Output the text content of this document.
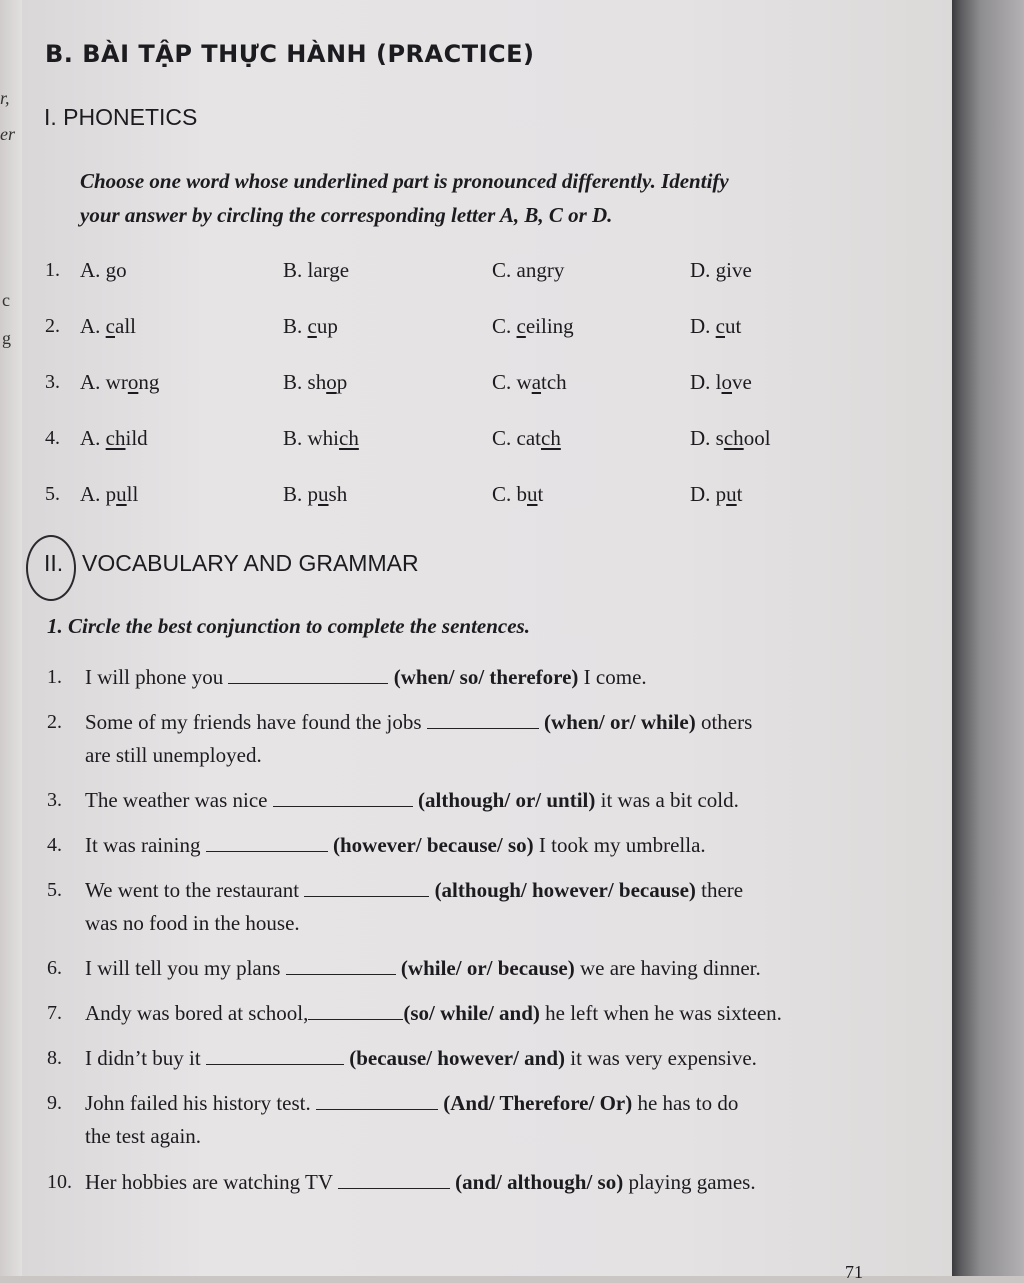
r,
er
c
g
B. BÀI TẬP THỰC HÀNH (PRACTICE)
I. PHONETICS
Choose one word whose underlined part is pronounced differently. Identify
your answer by circling the corresponding letter A, B, C or D.
1. A. go	B. large	C. angry	D. give
2. A. call	B. cup	C. ceiling	D. cut
3. A. wrong	B. shop	C. watch	D. love
4. A. child	B. which	C. catch	D. school
5. A. pull	B. push	C. but	D. put
II. VOCABULARY AND GRAMMAR
1. Circle the best conjunction to complete the sentences.
1. I will phone you	(when/ so/ therefore) I come.
2. Some of my friends have found the jobs	(when/ or/ while) others
are still unemployed.
3. The weather was nice	(although/ or/ until) it was a bit cold.
4. It was raining	(however/ because/ so) I took my umbrella.
5. We went to the restaurant	(although/ however/ because) there
was no food in the house.
6. I will tell you my plans	(while/ or/ because) we are having dinner.
7. Andy was bored at school,	(so/ while/ and) he left when he was sixteen.
8. I didn’t buy it	(because/ however/ and) it was very expensive.
9. John failed his history test.	(And/ Therefore/ Or) he has to do
the test again.
10. Her hobbies are watching TV	(and/ although/ so) playing games.
71
